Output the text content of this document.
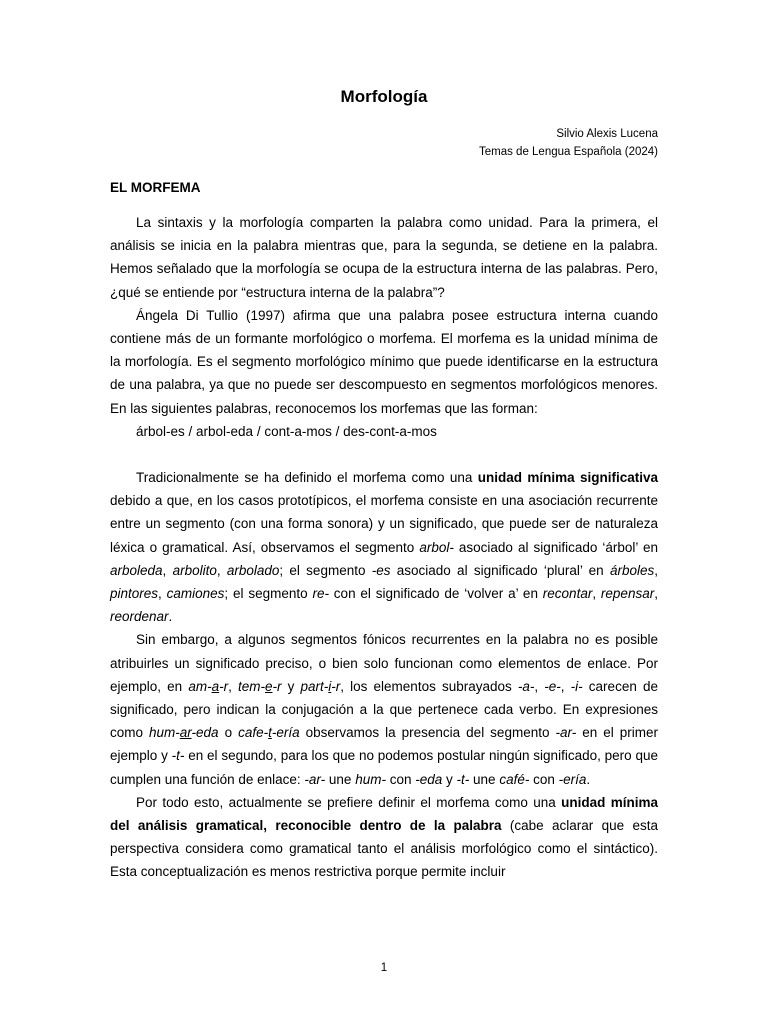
Morfología
Silvio Alexis Lucena
Temas de Lengua Española (2024)
EL MORFEMA

La sintaxis y la morfología comparten la palabra como unidad. Para la primera, el análisis se inicia en la palabra mientras que, para la segunda, se detiene en la palabra. Hemos señalado que la morfología se ocupa de la estructura interna de las palabras. Pero, ¿qué se entiende por “estructura interna de la palabra”?

Ángela Di Tullio (1997) afirma que una palabra posee estructura interna cuando contiene más de un formante morfológico o morfema. El morfema es la unidad mínima de la morfología. Es el segmento morfológico mínimo que puede identificarse en la estructura de una palabra, ya que no puede ser descompuesto en segmentos morfológicos menores. En las siguientes palabras, reconocemos los morfemas que las forman:

árbol-es / arbol-eda / cont-a-mos / des-cont-a-mos

Tradicionalmente se ha definido el morfema como una unidad mínima significativa debido a que, en los casos prototípicos, el morfema consiste en una asociación recurrente entre un segmento (con una forma sonora) y un significado, que puede ser de naturaleza léxica o gramatical. Así, observamos el segmento arbol- asociado al significado ‘árbol’ en arboleda, arbolito, arbolado; el segmento -es asociado al significado ‘plural’ en árboles, pintores, camiones; el segmento re- con el significado de ‘volver a’ en recontar, repensar, reordenar.

Sin embargo, a algunos segmentos fónicos recurrentes en la palabra no es posible atribuirles un significado preciso, o bien solo funcionan como elementos de enlace. Por ejemplo, en am-a-r, tem-e-r y part-i-r, los elementos subrayados -a-, -e-, -i- carecen de significado, pero indican la conjugación a la que pertenece cada verbo. En expresiones como hum-ar-eda o cafe-t-ería observamos la presencia del segmento -ar- en el primer ejemplo y -t- en el segundo, para los que no podemos postular ningún significado, pero que cumplen una función de enlace: -ar- une hum- con -eda y -t- une café- con -ería.

Por todo esto, actualmente se prefiere definir el morfema como una unidad mínima del análisis gramatical, reconocible dentro de la palabra (cabe aclarar que esta perspectiva considera como gramatical tanto el análisis morfológico como el sintáctico). Esta conceptualización es menos restrictiva porque permite incluir

1
